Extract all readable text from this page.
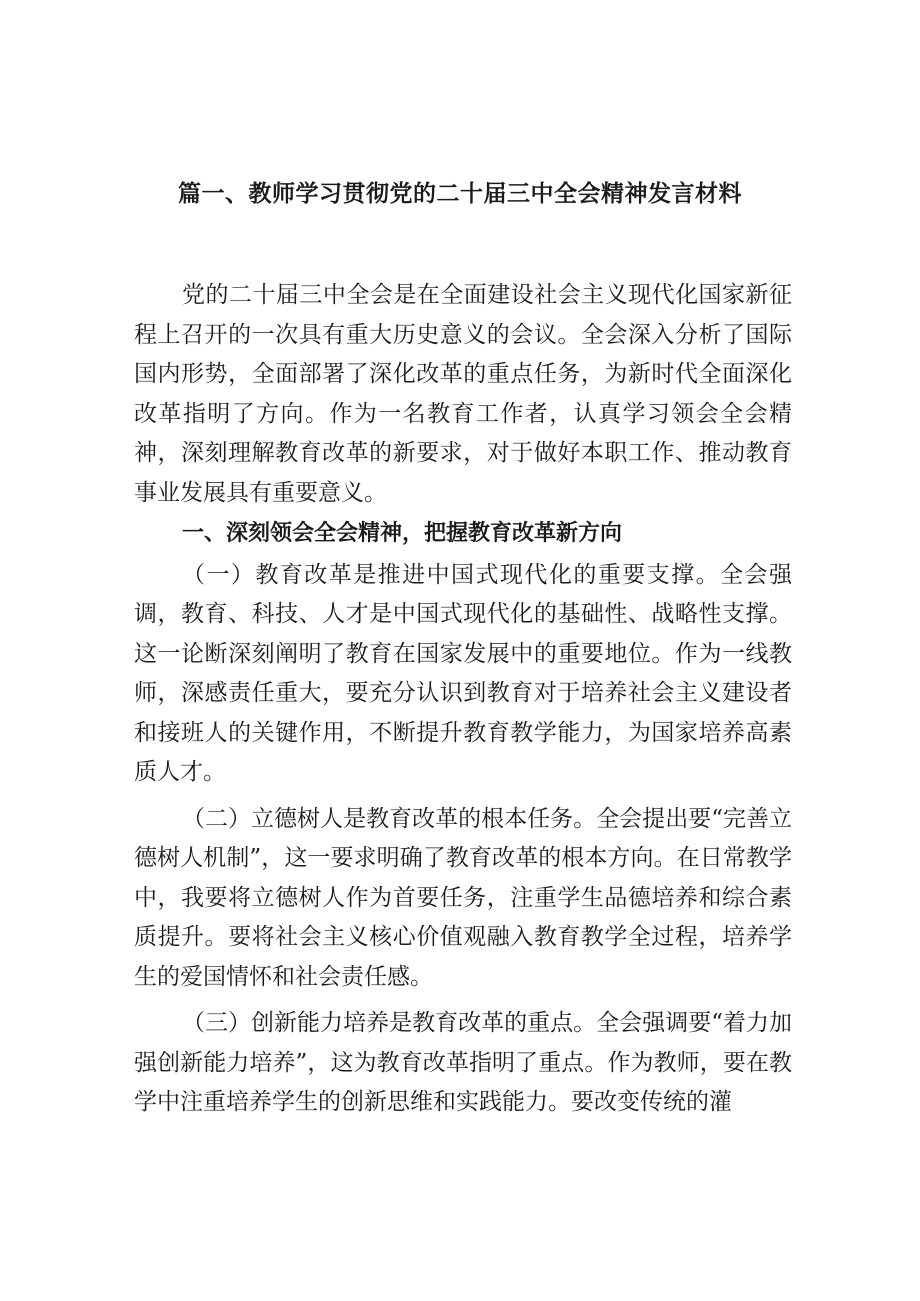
篇一、教师学习贯彻党的二十届三中全会精神发言材料

党的二十届三中全会是在全面建设社会主义现代化国家新征程上召开的一次具有重大历史意义的会议。全会深入分析了国际国内形势，全面部署了深化改革的重点任务，为新时代全面深化改革指明了方向。作为一名教育工作者，认真学习领会全会精神，深刻理解教育改革的新要求，对于做好本职工作、推动教育事业发展具有重要意义。

一、深刻领会全会精神，把握教育改革新方向

（一）教育改革是推进中国式现代化的重要支撑。全会强调，教育、科技、人才是中国式现代化的基础性、战略性支撑。这一论断深刻阐明了教育在国家发展中的重要地位。作为一线教师，深感责任重大，要充分认识到教育对于培养社会主义建设者和接班人的关键作用，不断提升教育教学能力，为国家培养高素质人才。

（二）立德树人是教育改革的根本任务。全会提出要“完善立德树人机制”，这一要求明确了教育改革的根本方向。在日常教学中，我要将立德树人作为首要任务，注重学生品德培养和综合素质提升。要将社会主义核心价值观融入教育教学全过程，培养学生的爱国情怀和社会责任感。

（三）创新能力培养是教育改革的重点。全会强调要“着力加强创新能力培养”，这为教育改革指明了重点。作为教师，要在教学中注重培养学生的创新思维和实践能力。要改变传统的灌
